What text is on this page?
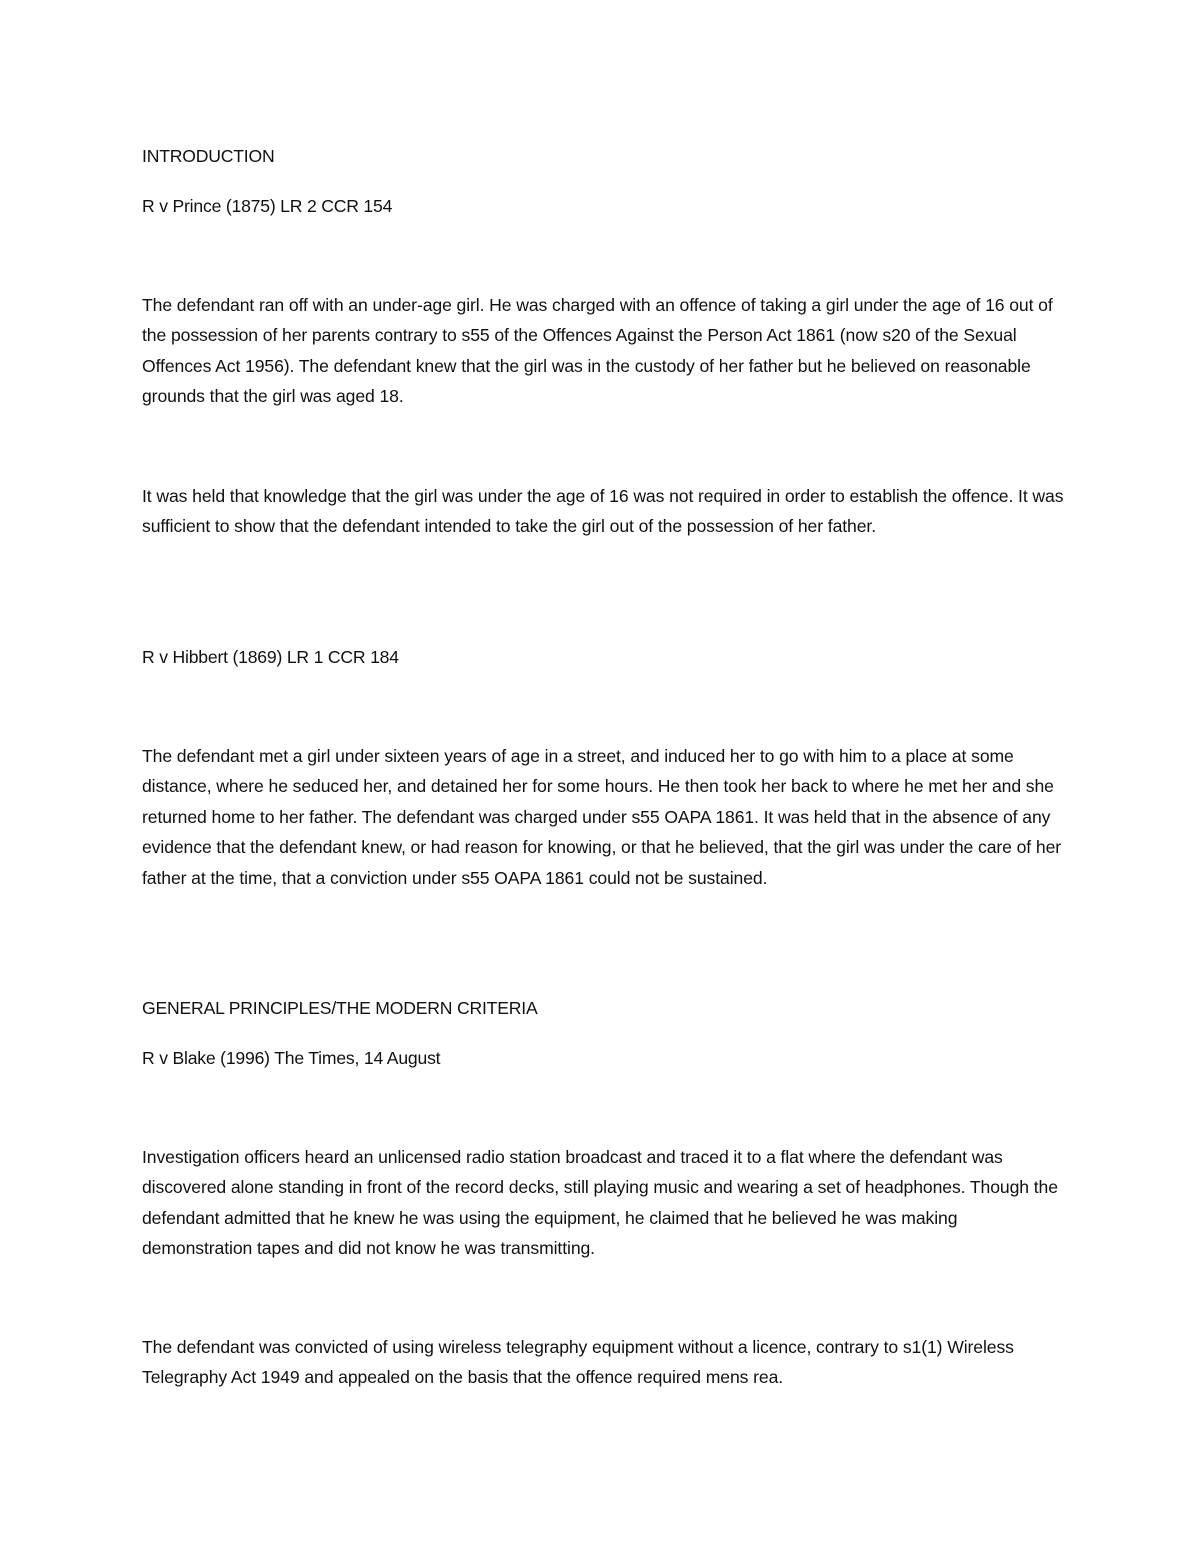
INTRODUCTION

R v Prince (1875) LR 2 CCR 154

The defendant ran off with an under-age girl. He was charged with an offence of taking a girl under the age of 16 out of the possession of her parents contrary to s55 of the Offences Against the Person Act 1861 (now s20 of the Sexual Offences Act 1956). The defendant knew that the girl was in the custody of her father but he believed on reasonable grounds that the girl was aged 18.

It was held that knowledge that the girl was under the age of 16 was not required in order to establish the offence. It was sufficient to show that the defendant intended to take the girl out of the possession of her father.

R v Hibbert (1869) LR 1 CCR 184

The defendant met a girl under sixteen years of age in a street, and induced her to go with him to a place at some distance, where he seduced her, and detained her for some hours. He then took her back to where he met her and she returned home to her father. The defendant was charged under s55 OAPA 1861. It was held that in the absence of any evidence that the defendant knew, or had reason for knowing, or that he believed, that the girl was under the care of her father at the time, that a conviction under s55 OAPA 1861 could not be sustained.

GENERAL PRINCIPLES/THE MODERN CRITERIA

R v Blake (1996) The Times, 14 August

Investigation officers heard an unlicensed radio station broadcast and traced it to a flat where the defendant was discovered alone standing in front of the record decks, still playing music and wearing a set of headphones. Though the defendant admitted that he knew he was using the equipment, he claimed that he believed he was making demonstration tapes and did not know he was transmitting.

The defendant was convicted of using wireless telegraphy equipment without a licence, contrary to s1(1) Wireless Telegraphy Act 1949 and appealed on the basis that the offence required mens rea.
